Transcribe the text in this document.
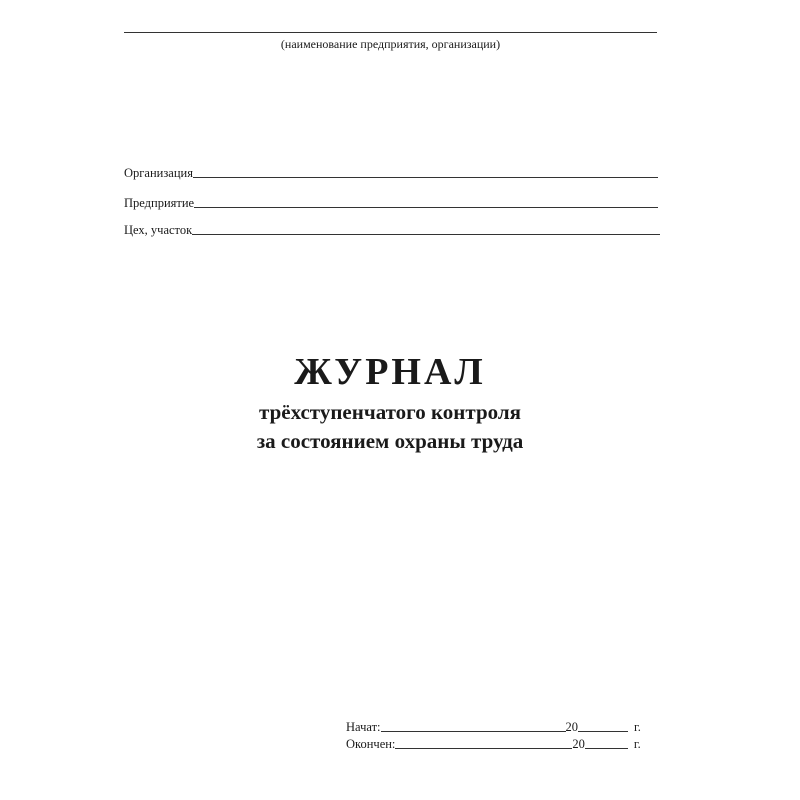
(наименование предприятия, организации)
Организация
Предприятие
Цех, участок
ЖУРНАЛ
трёхступенчатого контроля
за состоянием охраны труда
Начат:	20	г.
Окончен:	20	г.
